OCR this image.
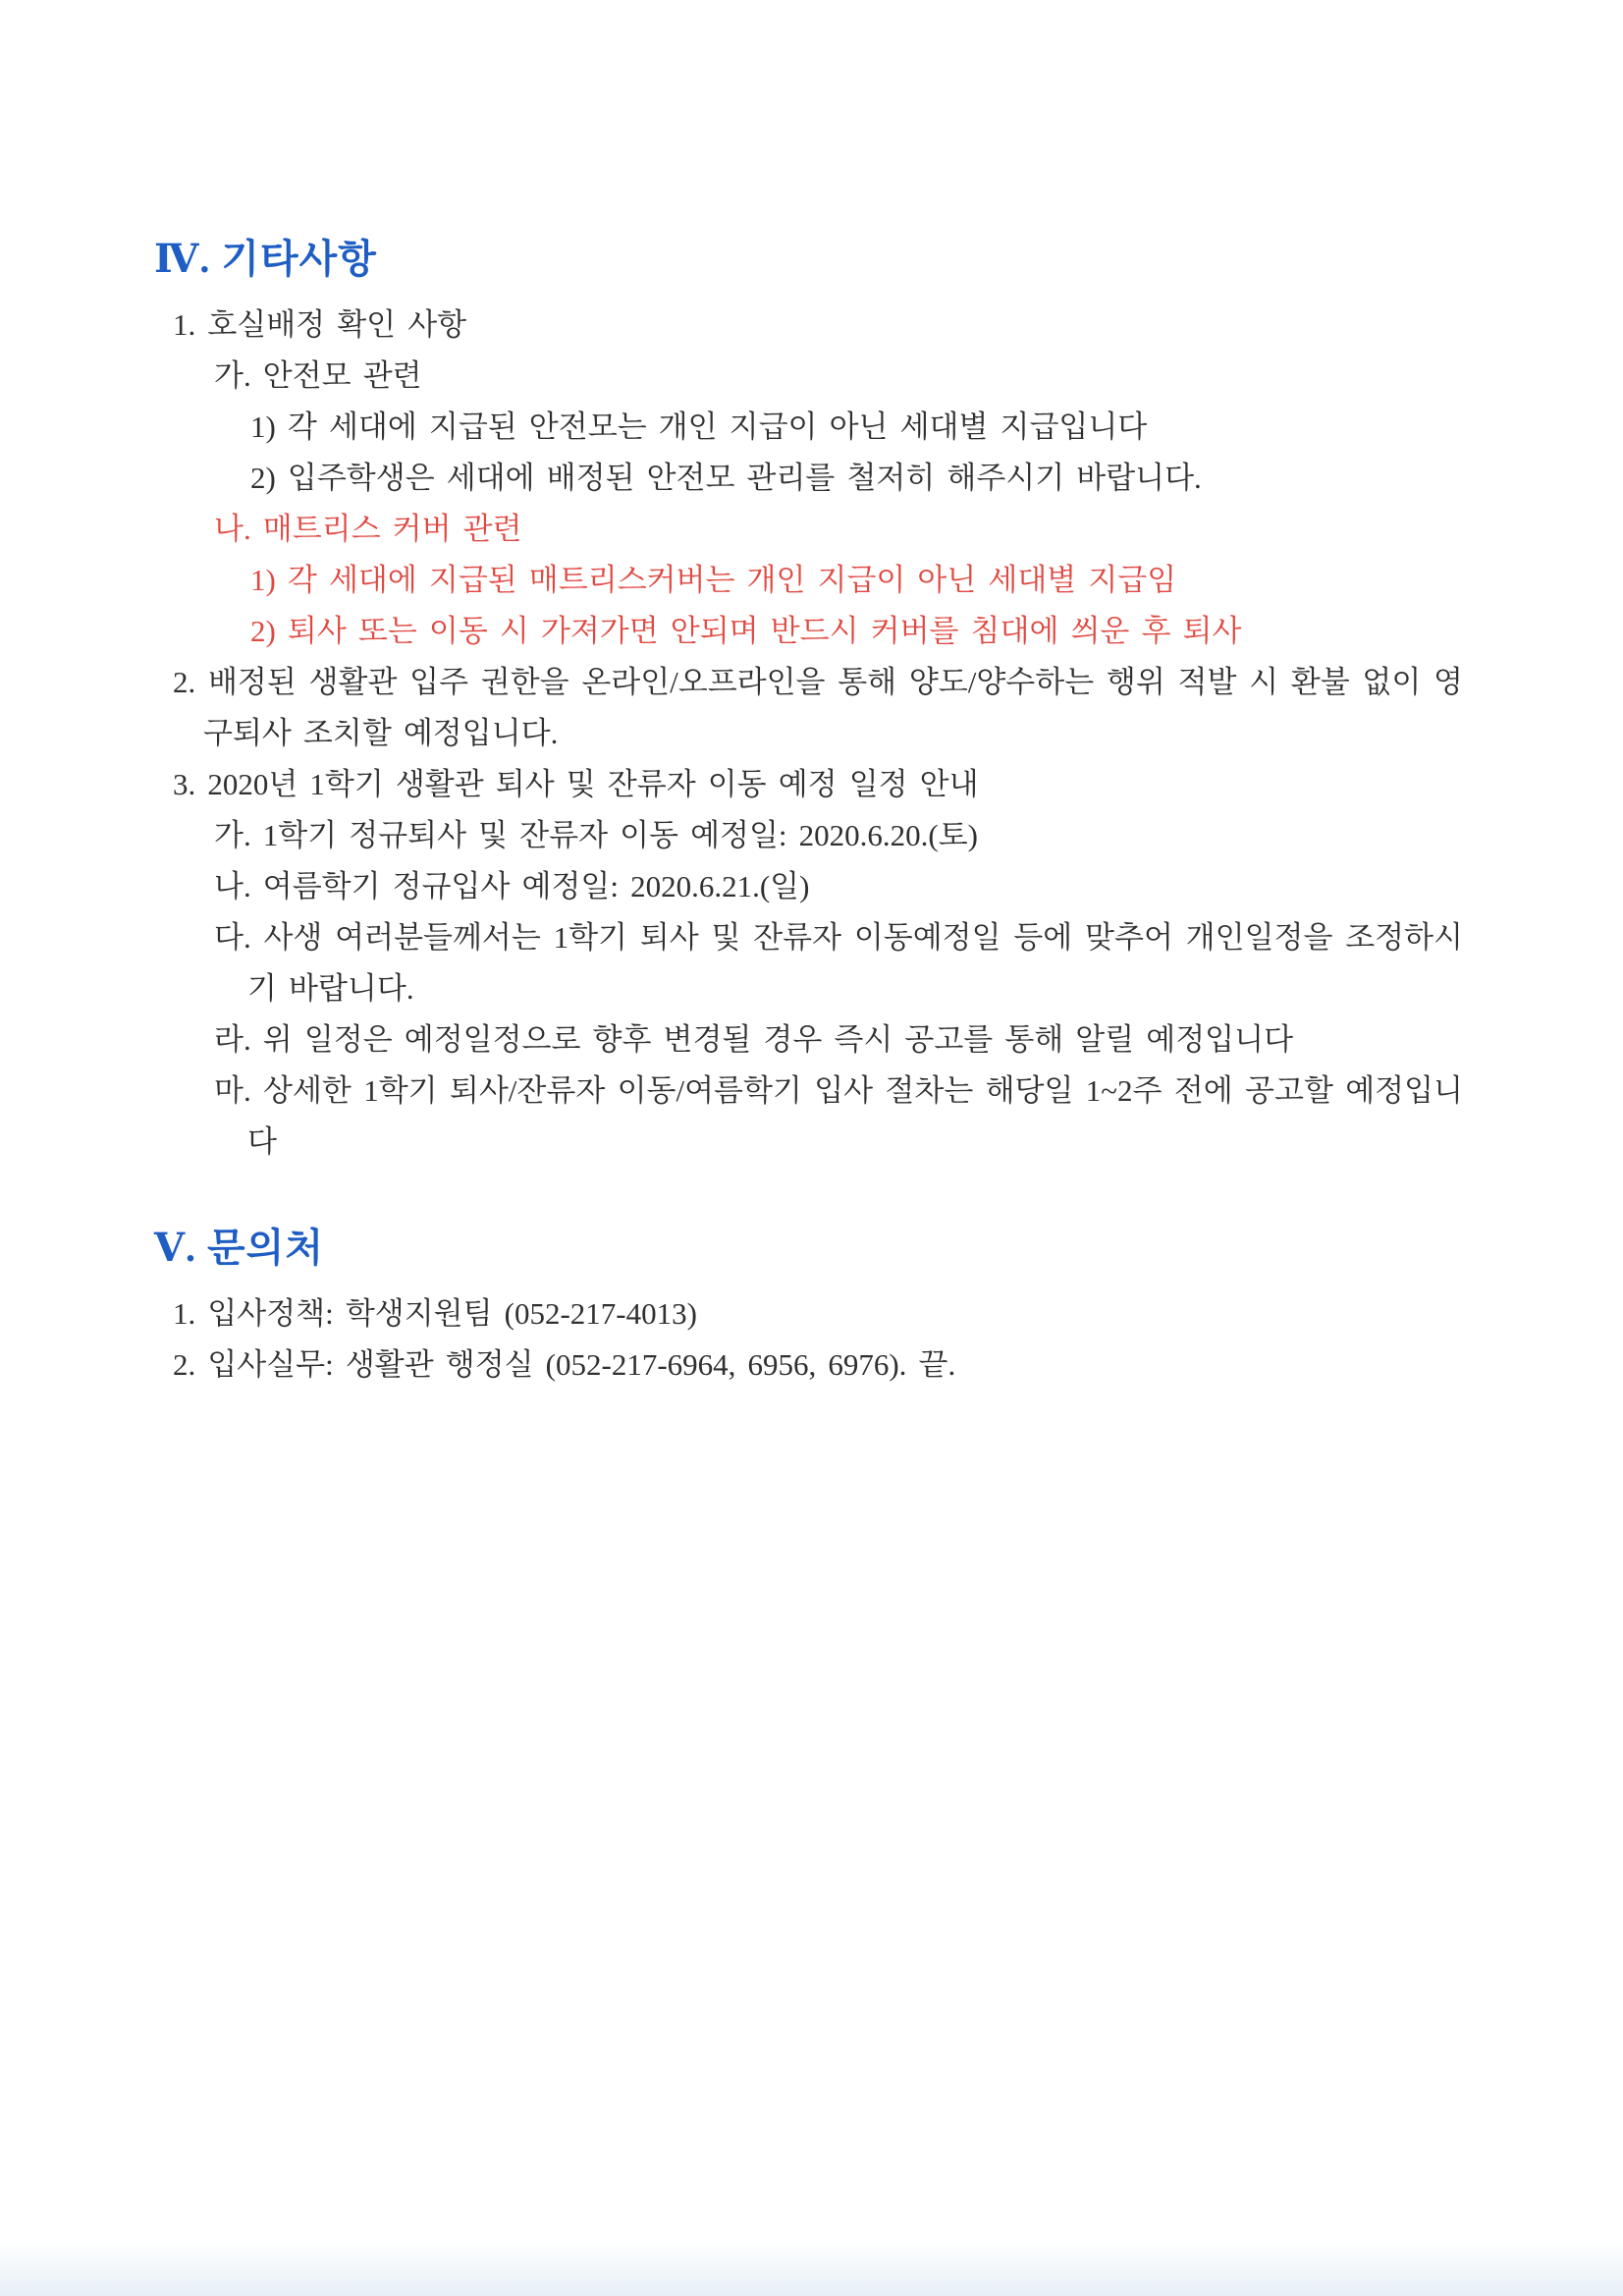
Ⅳ. 기타사항

1. 호실배정 확인 사항

가. 안전모 관련

1) 각 세대에 지급된 안전모는 개인 지급이 아닌 세대별 지급입니다

2) 입주학생은 세대에 배정된 안전모 관리를 철저히 해주시기 바랍니다.

나. 매트리스 커버 관련

1) 각 세대에 지급된 매트리스커버는 개인 지급이 아닌 세대별 지급임

2) 퇴사 또는 이동 시 가져가면 안되며 반드시 커버를 침대에 씌운 후 퇴사

2. 배정된 생활관 입주 권한을 온라인/오프라인을 통해 양도/양수하는 행위 적발 시 환불 없이 영구퇴사 조치할 예정입니다.

3. 2020년 1학기 생활관 퇴사 및 잔류자 이동 예정 일정 안내

가. 1학기 정규퇴사 및 잔류자 이동 예정일: 2020.6.20.(토)

나. 여름학기 정규입사 예정일: 2020.6.21.(일)

다. 사생 여러분들께서는 1학기 퇴사 및 잔류자 이동예정일 등에 맞추어 개인일정을 조정하시기 바랍니다.

라. 위 일정은 예정일정으로 향후 변경될 경우 즉시 공고를 통해 알릴 예정입니다

마. 상세한 1학기 퇴사/잔류자 이동/여름학기 입사 절차는 해당일 1~2주 전에 공고할 예정입니다

Ⅴ. 문의처

1. 입사정책: 학생지원팀 (052-217-4013)

2. 입사실무: 생활관 행정실 (052-217-6964, 6956, 6976). 끝.
